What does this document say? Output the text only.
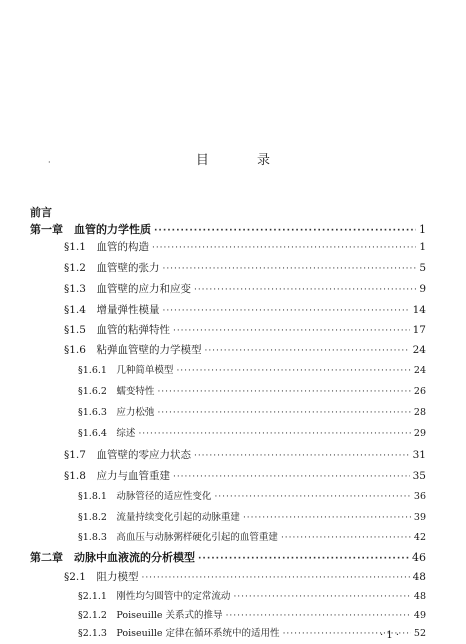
·	目 录
前言
第一章　血管的力学性质 ·····	1
§1.1　血管的构造 ·····	1
§1.2　血管壁的张力 ·····	5
§1.3　血管壁的应力和应变 ·····	9
§1.4　增量弹性模量 ·····	14
§1.5　血管的粘弹特性 ·····	17
§1.6　粘弹血管壁的力学模型 ·····	24
§1.6.1　几种简单模型 ·····	24
§1.6.2　蠕变特性 ·····	26
§1.6.3　应力松弛 ·····	28
§1.6.4　综述 ·····	29
§1.7　血管壁的零应力状态 ·····	31
§1.8　应力与血管重建 ·····	35
§1.8.1　动脉管径的适应性变化 ·····	36
§1.8.2　流量持续变化引起的动脉重建 ·····	39
§1.8.3　高血压与动脉粥样硬化引起的血管重建 ·····	42
第二章　动脉中血液流的分析模型 ·····	46
§2.1　阻力模型 ·····	48
§2.1.1　刚性均匀圆管中的定常流动 ·····	48
§2.1.2　Poiseuille 关系式的推导 ·····	49
§2.1.3　Poiseuille 定律在循环系统中的适用性 ·····	52
· 1 ·
